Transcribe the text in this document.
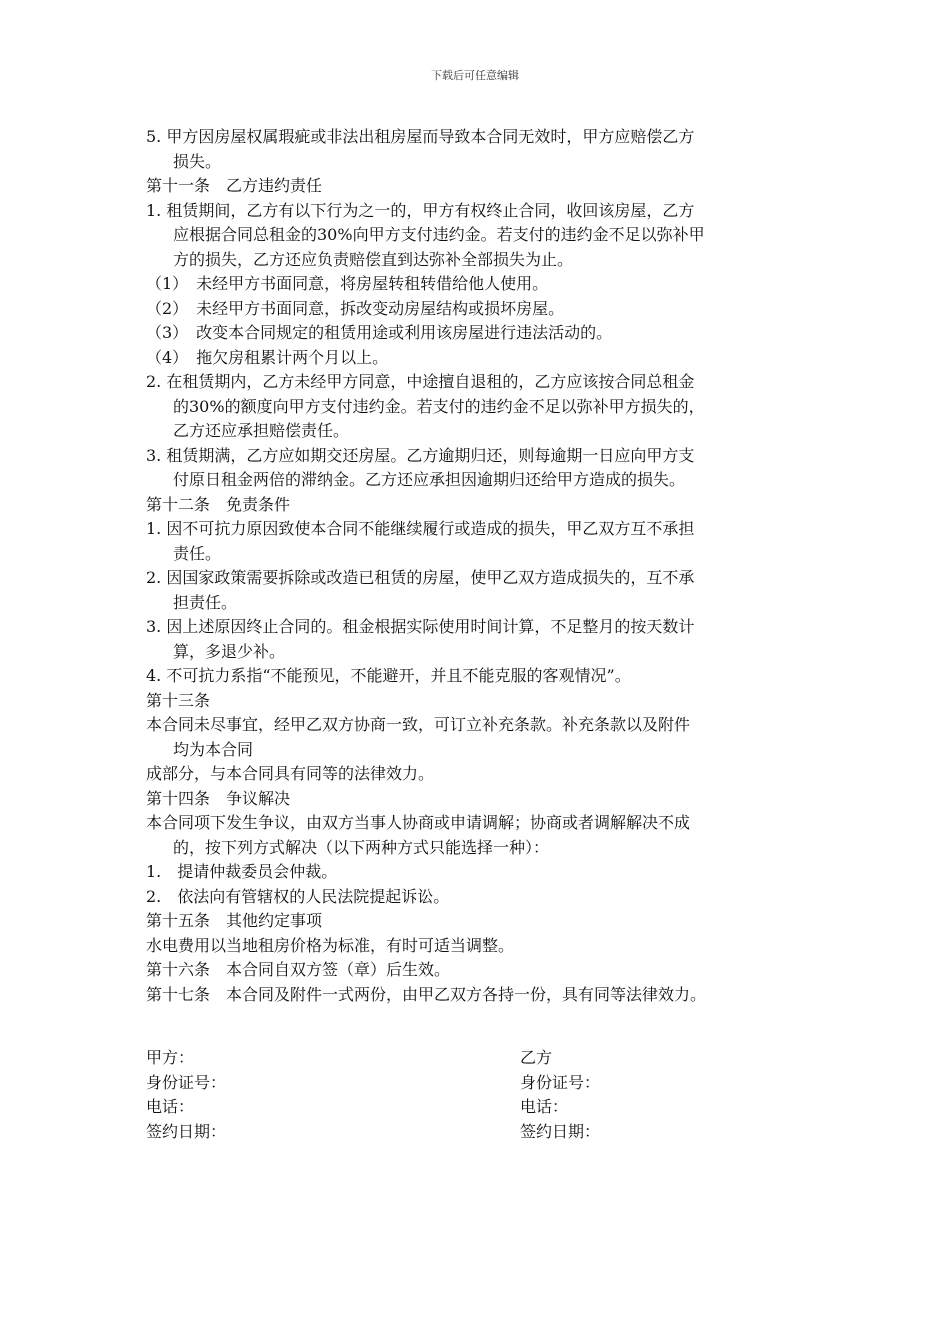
下载后可任意编辑
5. 甲方因房屋权属瑕疵或非法出租房屋而导致本合同无效时，甲方应赔偿乙方
损失。
第十一条　乙方违约责任
1. 租赁期间，乙方有以下行为之一的，甲方有权终止合同，收回该房屋，乙方
应根据合同总租金的30%向甲方支付违约金。若支付的违约金不足以弥补甲
方的损失，乙方还应负责赔偿直到达弥补全部损失为止。
（1）　未经甲方书面同意，将房屋转租转借给他人使用。
（2）　未经甲方书面同意，拆改变动房屋结构或损坏房屋。
（3）　改变本合同规定的租赁用途或利用该房屋进行违法活动的。
（4）　拖欠房租累计两个月以上。
2. 在租赁期内，乙方未经甲方同意，中途擅自退租的，乙方应该按合同总租金
的30%的额度向甲方支付违约金。若支付的违约金不足以弥补甲方损失的，
乙方还应承担赔偿责任。
3. 租赁期满，乙方应如期交还房屋。乙方逾期归还，则每逾期一日应向甲方支
付原日租金两倍的滞纳金。乙方还应承担因逾期归还给甲方造成的损失。
第十二条　免责条件
1. 因不可抗力原因致使本合同不能继续履行或造成的损失，甲乙双方互不承担
责任。
2. 因国家政策需要拆除或改造已租赁的房屋，使甲乙双方造成损失的，互不承
担责任。
3. 因上述原因终止合同的。租金根据实际使用时间计算，不足整月的按天数计
算，多退少补。
4. 不可抗力系指“不能预见，不能避开，并且不能克服的客观情况”。
第十三条
本合同未尽事宜，经甲乙双方协商一致，可订立补充条款。补充条款以及附件
均为本合同
成部分，与本合同具有同等的法律效力。
第十四条　争议解决
本合同项下发生争议，由双方当事人协商或申请调解；协商或者调解解决不成
的，按下列方式解决（以下两种方式只能选择一种）：
1.　提请仲裁委员会仲裁。
2.　依法向有管辖权的人民法院提起诉讼。
第十五条　其他约定事项
水电费用以当地租房价格为标准，有时可适当调整。
第十六条　本合同自双方签（章）后生效。
第十七条　本合同及附件一式两份，由甲乙双方各持一份，具有同等法律效力。
甲方：	乙方
身份证号：	身份证号：
电话：	电话：
签约日期：	签约日期：
